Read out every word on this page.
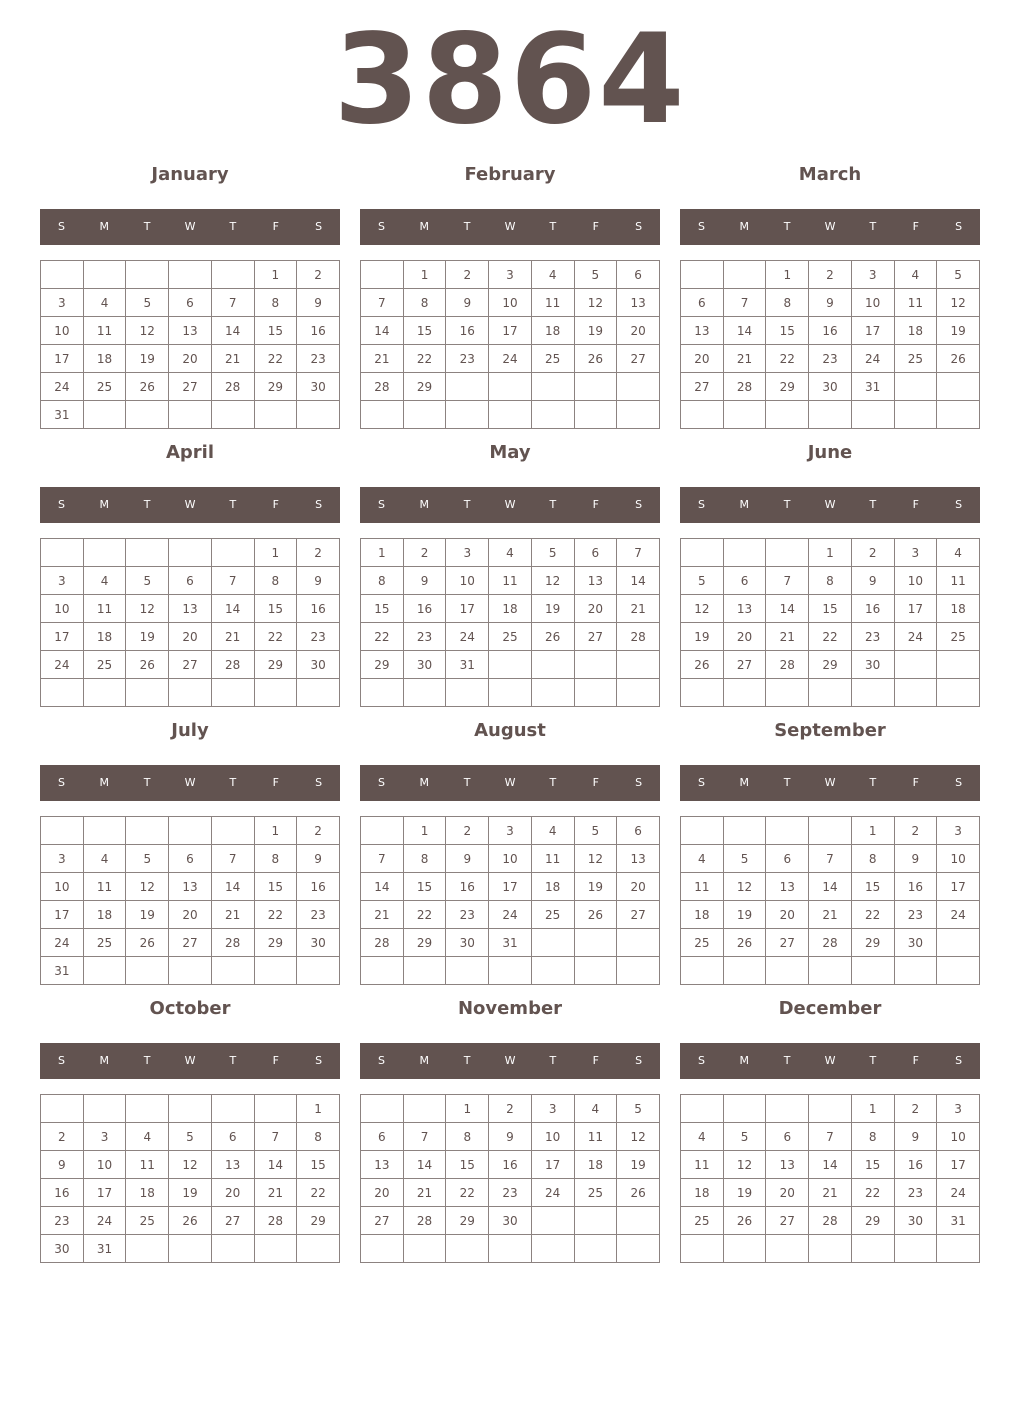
3864
January
S	M	T	W	T	F	S
					1	2
3	4	5	6	7	8	9
10	11	12	13	14	15	16
17	18	19	20	21	22	23
24	25	26	27	28	29	30
31						
February
S	M	T	W	T	F	S
	1	2	3	4	5	6
7	8	9	10	11	12	13
14	15	16	17	18	19	20
21	22	23	24	25	26	27
28	29					

March
S	M	T	W	T	F	S
		1	2	3	4	5
6	7	8	9	10	11	12
13	14	15	16	17	18	19
20	21	22	23	24	25	26
27	28	29	30	31		

April
S	M	T	W	T	F	S
					1	2
3	4	5	6	7	8	9
10	11	12	13	14	15	16
17	18	19	20	21	22	23
24	25	26	27	28	29	30

May
S	M	T	W	T	F	S
1	2	3	4	5	6	7
8	9	10	11	12	13	14
15	16	17	18	19	20	21
22	23	24	25	26	27	28
29	30	31				

June
S	M	T	W	T	F	S
			1	2	3	4
5	6	7	8	9	10	11
12	13	14	15	16	17	18
19	20	21	22	23	24	25
26	27	28	29	30		

July
S	M	T	W	T	F	S
					1	2
3	4	5	6	7	8	9
10	11	12	13	14	15	16
17	18	19	20	21	22	23
24	25	26	27	28	29	30
31						
August
S	M	T	W	T	F	S
	1	2	3	4	5	6
7	8	9	10	11	12	13
14	15	16	17	18	19	20
21	22	23	24	25	26	27
28	29	30	31			

September
S	M	T	W	T	F	S
				1	2	3
4	5	6	7	8	9	10
11	12	13	14	15	16	17
18	19	20	21	22	23	24
25	26	27	28	29	30	

October
S	M	T	W	T	F	S
						1
2	3	4	5	6	7	8
9	10	11	12	13	14	15
16	17	18	19	20	21	22
23	24	25	26	27	28	29
30	31					
November
S	M	T	W	T	F	S
		1	2	3	4	5
6	7	8	9	10	11	12
13	14	15	16	17	18	19
20	21	22	23	24	25	26
27	28	29	30			

December
S	M	T	W	T	F	S
				1	2	3
4	5	6	7	8	9	10
11	12	13	14	15	16	17
18	19	20	21	22	23	24
25	26	27	28	29	30	31
